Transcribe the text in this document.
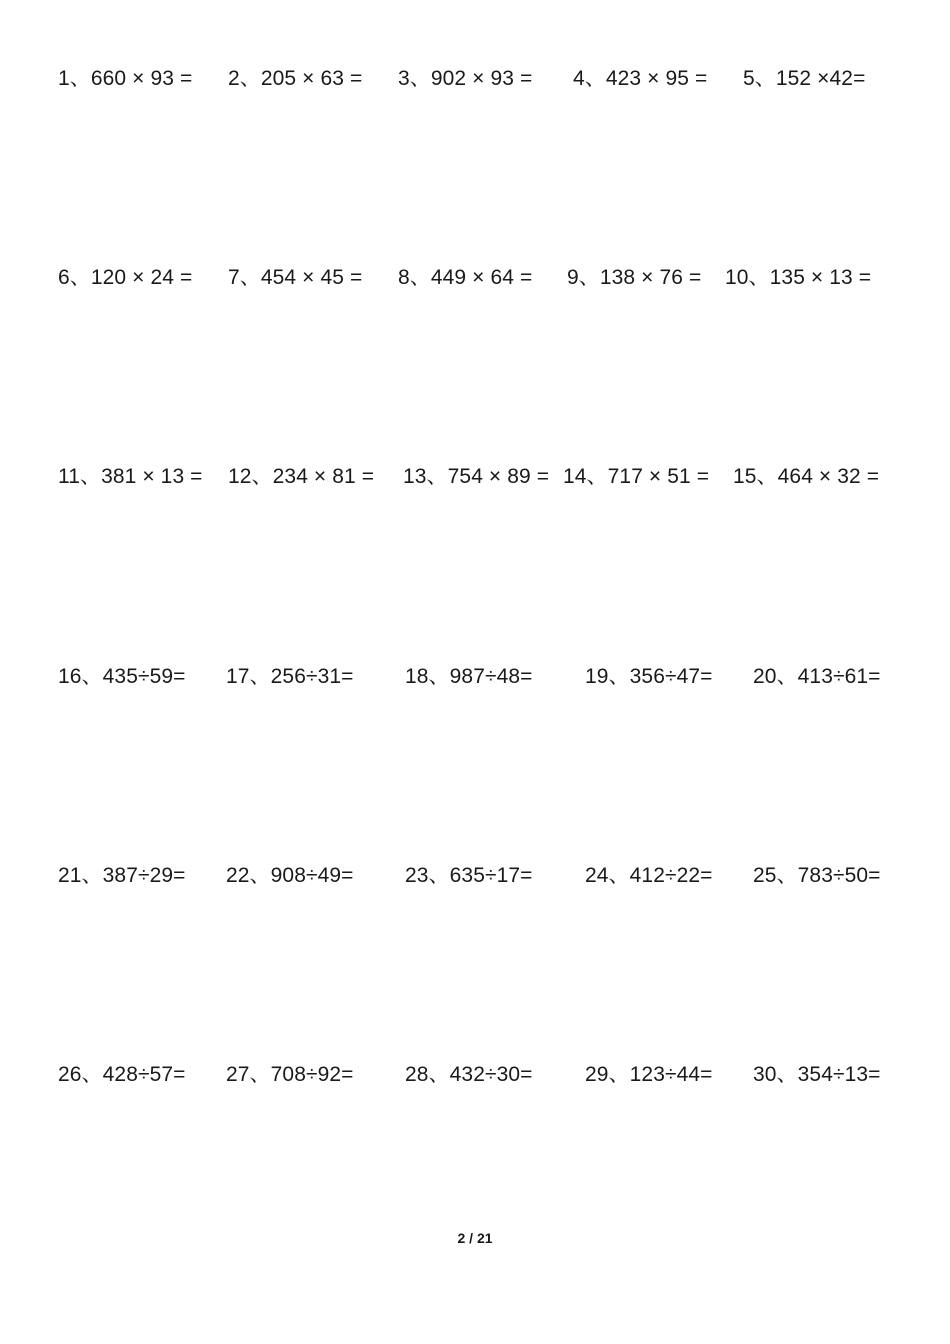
1、660 × 93 = 2、205 × 63 = 3、902 × 93 = 4、423 × 95 = 5、152 ×42=
6、120 × 24 = 7、454 × 45 = 8、449 × 64 = 9、138 × 76 = 10、135 × 13 =
11、381 × 13 = 12、234 × 81 = 13、754 × 89 = 14、717 × 51 = 15、464 × 32 =
16、435÷59= 17、256÷31= 18、987÷48= 19、356÷47= 20、413÷61=
21、387÷29= 22、908÷49= 23、635÷17= 24、412÷22= 25、783÷50=
26、428÷57= 27、708÷92= 28、432÷30= 29、123÷44= 30、354÷13=
2 / 21
